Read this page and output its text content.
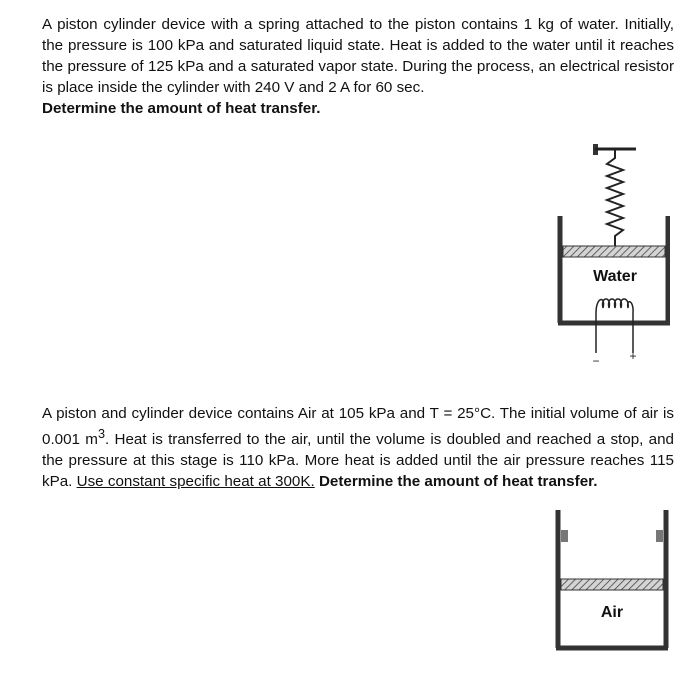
A piston cylinder device with a spring attached to the piston contains 1 kg of water. Initially, the pressure is 100 kPa and saturated liquid state. Heat is added to the water until it reaches the pressure of 125 kPa and a saturated vapor state. During the process, an electrical resistor is place inside the cylinder with 240 V and 2 A for 60 sec.
Determine the amount of heat transfer.

Water
− +

A piston and cylinder device contains Air at 105 kPa and T = 25°C. The initial volume of air is 0.001 $m^3$. Heat is transferred to the air, until the volume is doubled and reached a stop, and the pressure at this stage is 110 kPa. More heat is added until the air pressure reaches 115 kPa. Use constant specific heat at 300K. Determine the amount of heat transfer.

Air
